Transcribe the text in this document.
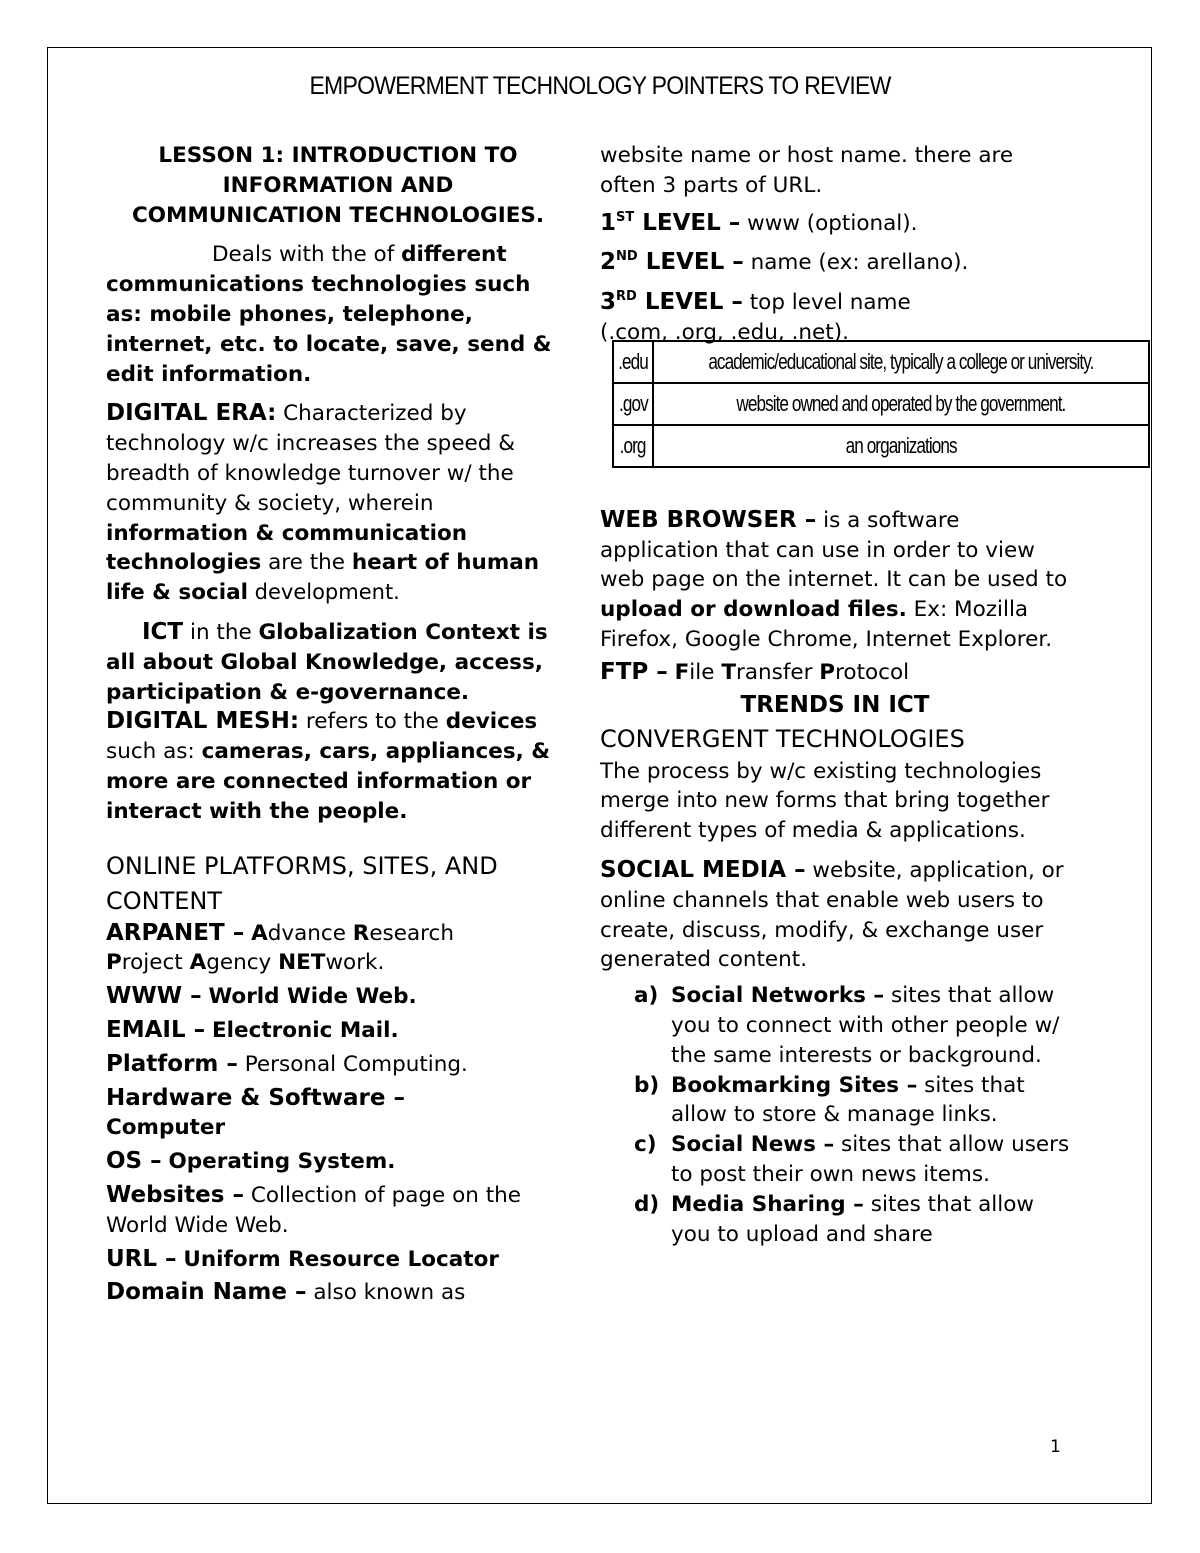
EMPOWERMENT TECHNOLOGY POINTERS TO REVIEW

LESSON 1: INTRODUCTION TO
INFORMATION AND
COMMUNICATION TECHNOLOGIES.

Deals with the of different communications technologies such as: mobile phones, telephone, internet, etc. to locate, save, send & edit information.

DIGITAL ERA: Characterized by technology w/c increases the speed & breadth of knowledge turnover w/ the community & society, wherein information & communication technologies are the heart of human life & social development.

ICT in the Globalization Context is all about Global Knowledge, access, participation & e-governance.

DIGITAL MESH: refers to the devices such as: cameras, cars, appliances, & more are connected information or interact with the people.

ONLINE PLATFORMS, SITES, AND CONTENT

ARPANET – Advance Research
Project Agency NETwork.

WWW – World Wide Web.

EMAIL – Electronic Mail.

Platform – Personal Computing.

Hardware & Software –
Computer

OS – Operating System.

Websites – Collection of page on the World Wide Web.

URL – Uniform Resource Locator

Domain Name – also known as

website name or host name. there are often 3 parts of URL.

1ST LEVEL – www (optional).

2ND LEVEL – name (ex: arellano).

3RD LEVEL – top level name
(.com, .org, .edu, .net).

.edu	academic/educational site, typically a college or university.
.gov	website owned and operated by the government.
.org	an organizations

WEB BROWSER – is a software application that can use in order to view web page on the internet. It can be used to upload or download files. Ex: Mozilla Firefox, Google Chrome, Internet Explorer.

FTP – File Transfer Protocol

TRENDS IN ICT

CONVERGENT TECHNOLOGIES

The process by w/c existing technologies merge into new forms that bring together different types of media & applications.

SOCIAL MEDIA – website, application, or online channels that enable web users to create, discuss, modify, & exchange user generated content.

a) Social Networks – sites that allow you to connect with other people w/ the same interests or background.
b) Bookmarking Sites – sites that allow to store & manage links.
c) Social News – sites that allow users to post their own news items.
d) Media Sharing – sites that allow you to upload and share
1
